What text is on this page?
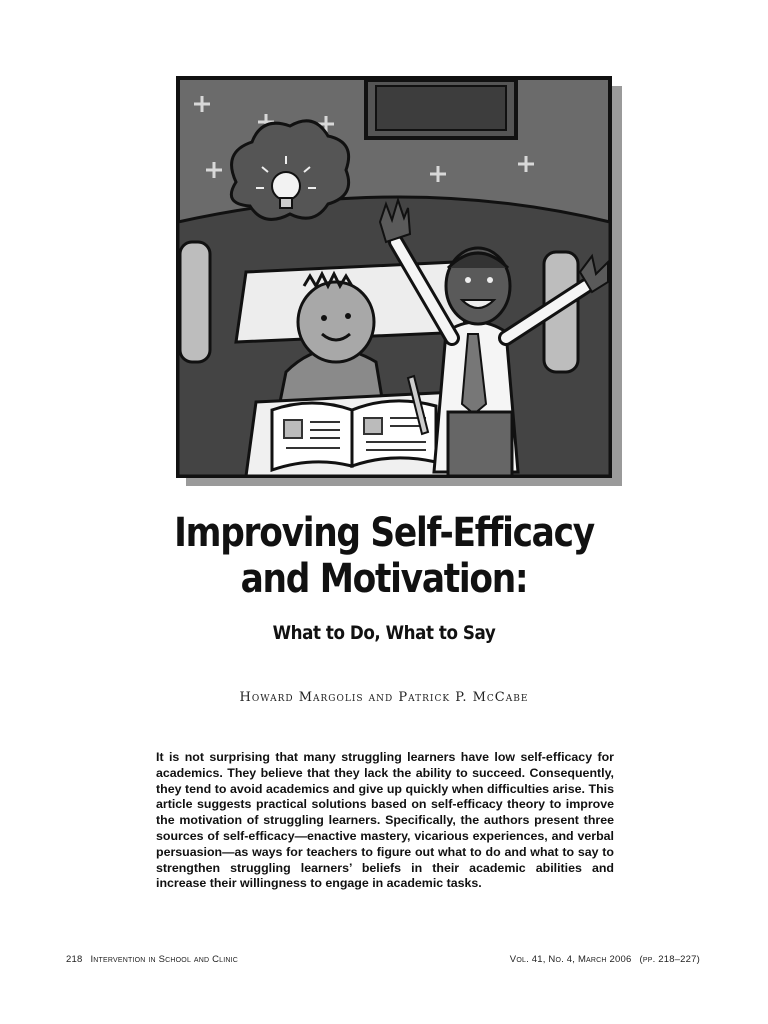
Improving Self-Efficacy
and Motivation:
What to Do, What to Say
Howard Margolis and Patrick P. McCabe
It is not surprising that many struggling learners have low self-efficacy for academics. They believe that they lack the ability to succeed. Consequently, they tend to avoid academics and give up quickly when difficulties arise. This article suggests practical solutions based on self-efficacy theory to improve the motivation of struggling learners. Specifically, the authors present three sources of self-efficacy—enactive mastery, vicarious experiences, and verbal persuasion—as ways for teachers to figure out what to do and what to say to strengthen struggling learners’ beliefs in their academic abilities and increase their willingness to engage in academic tasks.
218 Intervention in School and Clinic	Vol. 41, No. 4, March 2006 (pp. 218–227)
